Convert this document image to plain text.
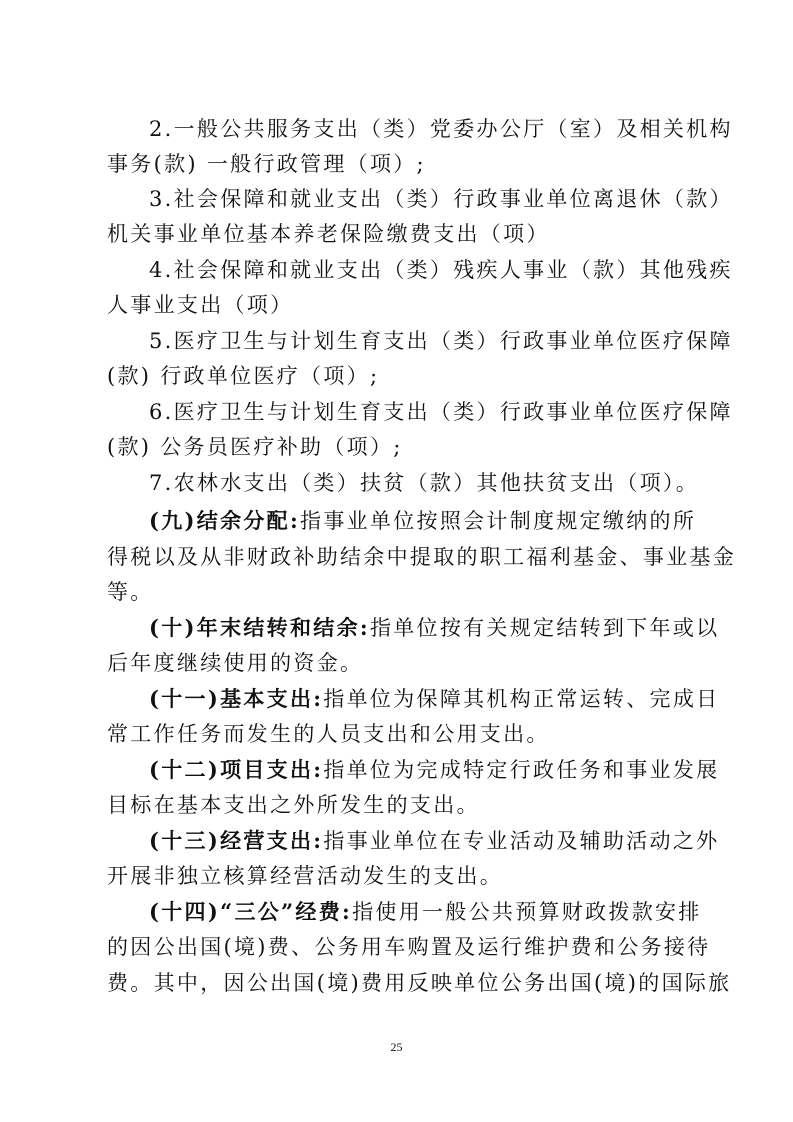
2.一般公共服务支出（类）党委办公厅（室）及相关机构
事务(款) 一般行政管理（项）;
3.社会保障和就业支出（类）行政事业单位离退休（款）
机关事业单位基本养老保险缴费支出（项）
4.社会保障和就业支出（类）残疾人事业（款）其他残疾
人事业支出（项）
5.医疗卫生与计划生育支出（类）行政事业单位医疗保障
(款) 行政单位医疗（项）;
6.医疗卫生与计划生育支出（类）行政事业单位医疗保障
(款) 公务员医疗补助（项）;
7.农林水支出（类）扶贫（款）其他扶贫支出（项）。
(九)结余分配:指事业单位按照会计制度规定缴纳的所
得税以及从非财政补助结余中提取的职工福利基金、事业基金
等。
(十)年末结转和结余:指单位按有关规定结转到下年或以
后年度继续使用的资金。
(十一)基本支出:指单位为保障其机构正常运转、完成日
常工作任务而发生的人员支出和公用支出。
(十二)项目支出:指单位为完成特定行政任务和事业发展
目标在基本支出之外所发生的支出。
(十三)经营支出:指事业单位在专业活动及辅助活动之外
开展非独立核算经营活动发生的支出。
(十四)“三公”经费:指使用一般公共预算财政拨款安排
的因公出国(境)费、公务用车购置及运行维护费和公务接待
费。其中，因公出国(境)费用反映单位公务出国(境)的国际旅
25
